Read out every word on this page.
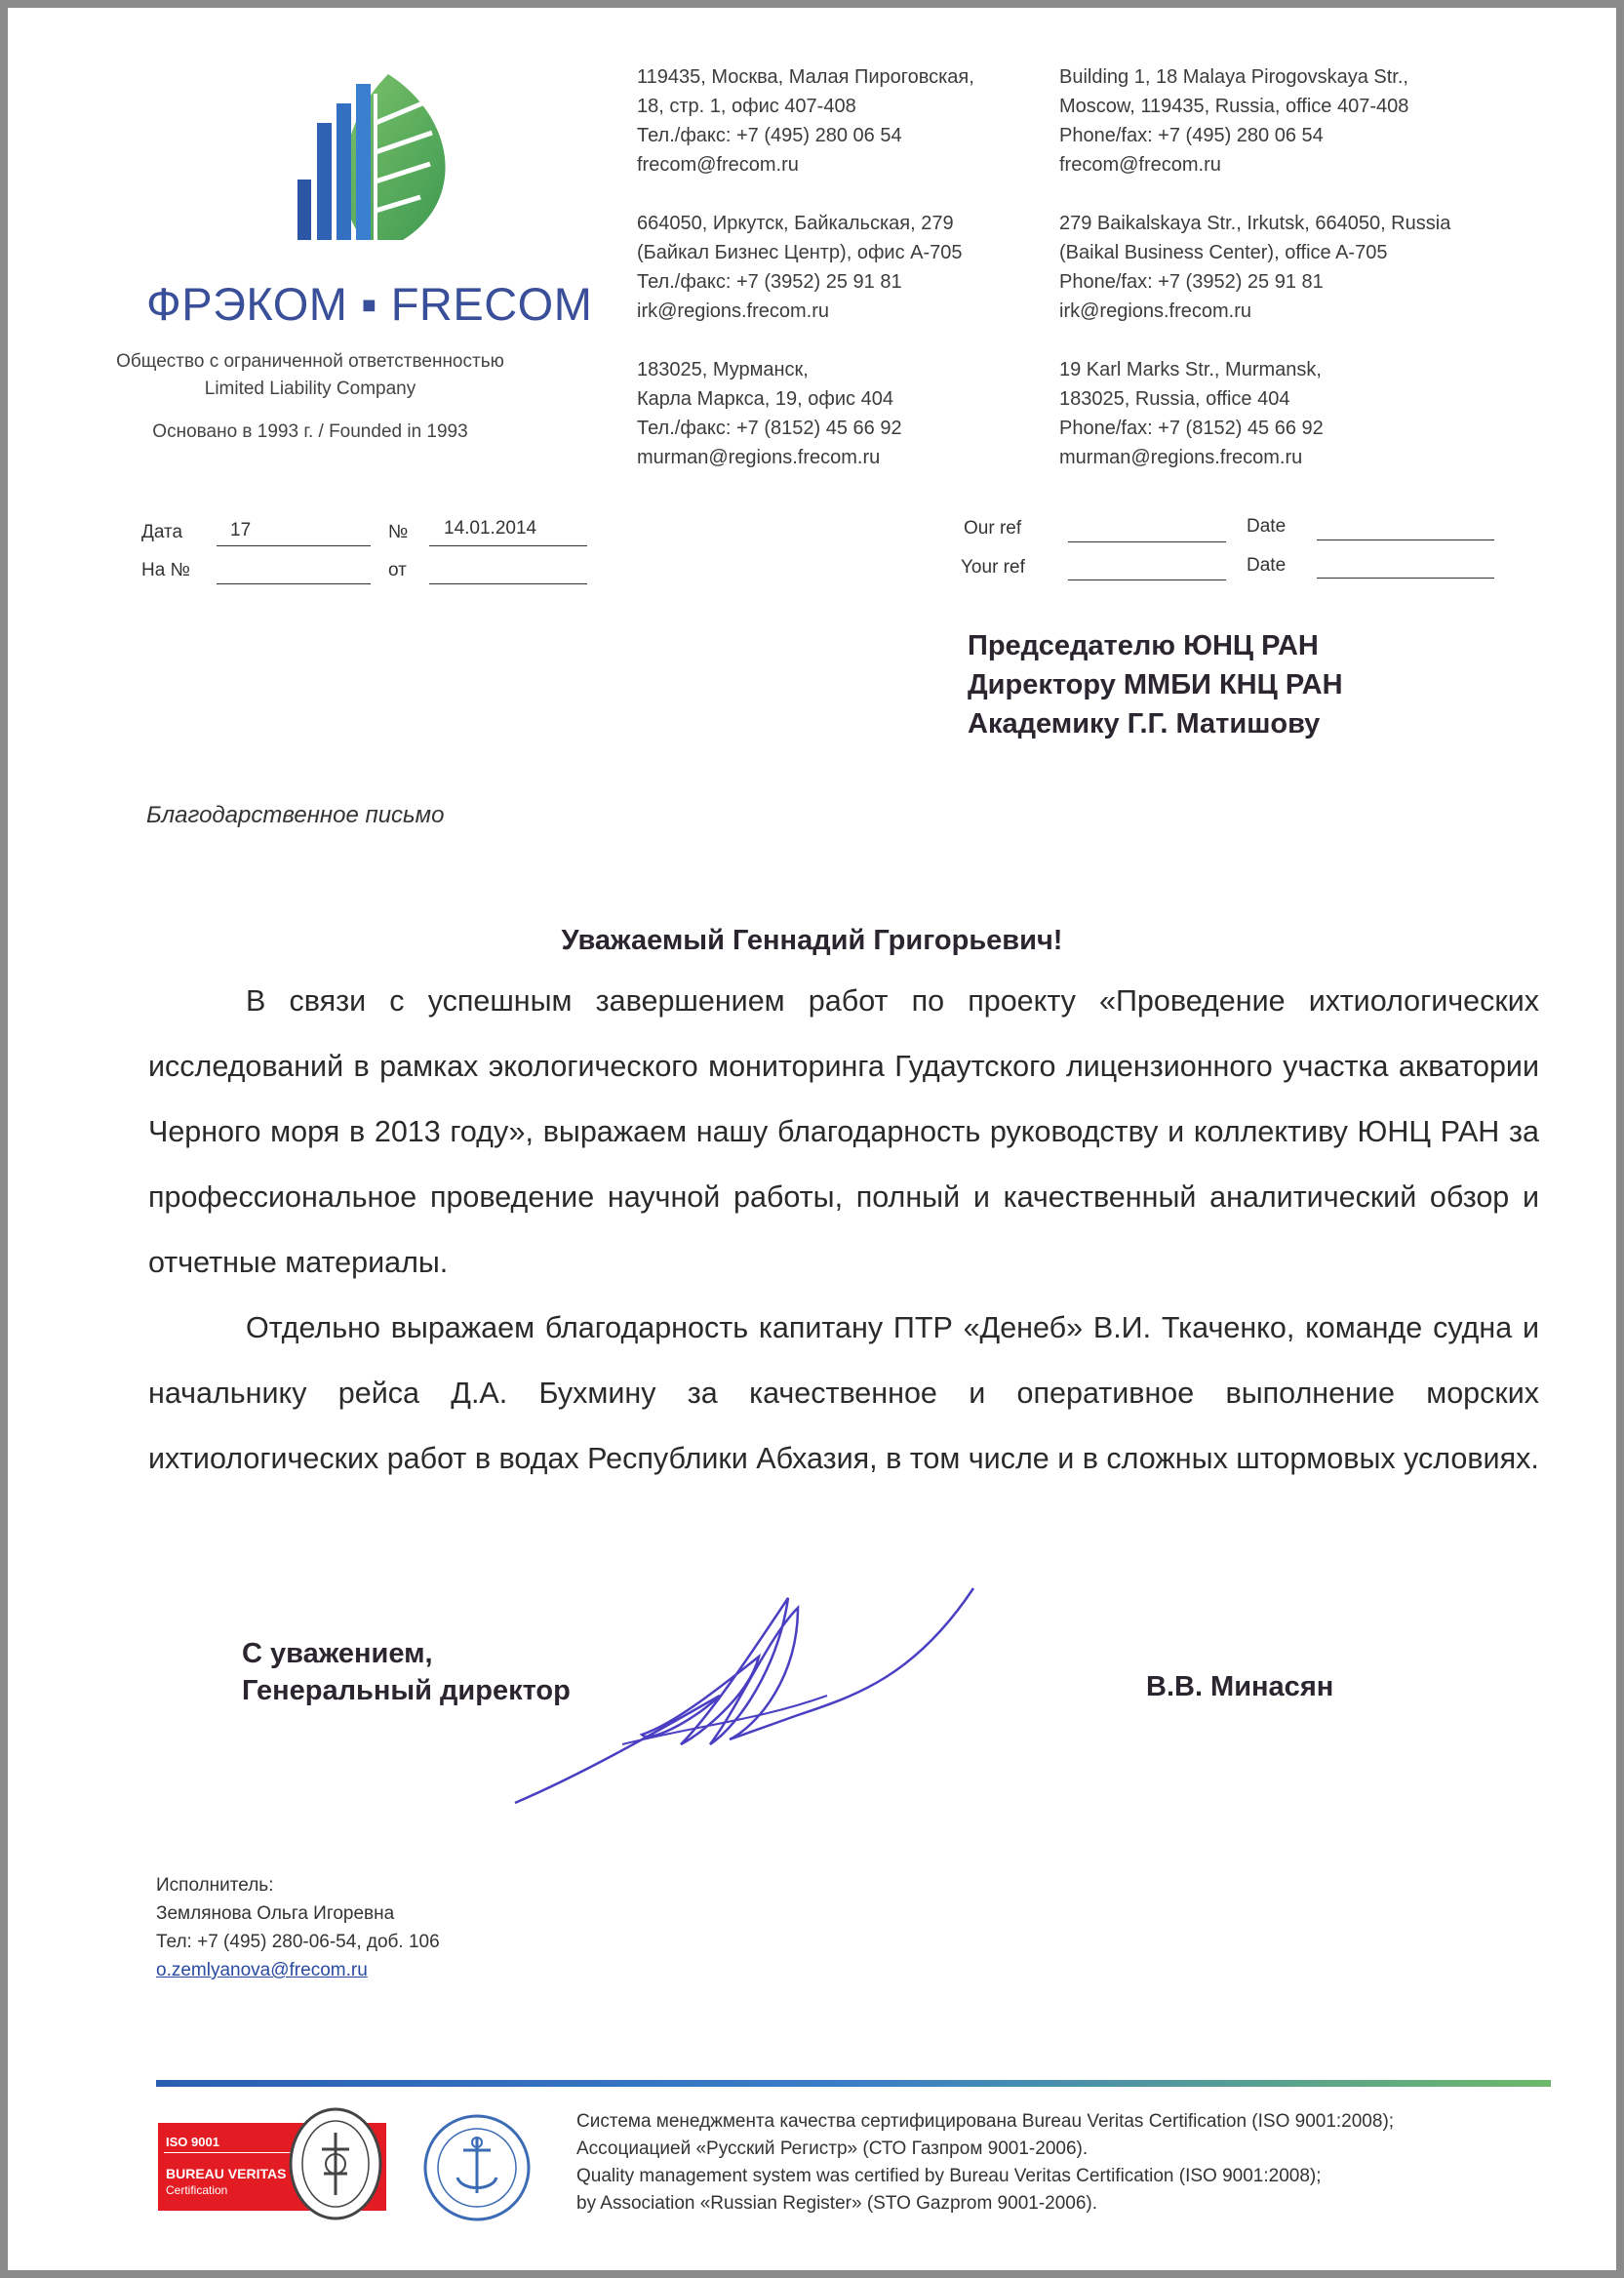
ФРЭКОМ ▪ FRECOM
Общество с ограниченной ответственностью
Limited Liability Company
Основано в 1993 г. / Founded in 1993
119435, Москва, Малая Пироговская,
18, стр. 1, офис 407-408
Тел./факс: +7 (495) 280 06 54
frecom@frecom.ru
664050, Иркутск, Байкальская, 279
(Байкал Бизнес Центр), офис А-705
Тел./факс: +7 (3952) 25 91 81
irk@regions.frecom.ru
183025, Мурманск,
Карла Маркса, 19, офис 404
Тел./факс: +7 (8152) 45 66 92
murman@regions.frecom.ru
Building 1, 18 Malaya Pirogovskaya Str.,
Moscow, 119435, Russia, office 407-408
Phone/fax: +7 (495) 280 06 54
frecom@frecom.ru
279 Baikalskaya Str., Irkutsk, 664050, Russia
(Baikal Business Center), office A-705
Phone/fax: +7 (3952) 25 91 81
irk@regions.frecom.ru
19 Karl Marks Str., Murmansk,
183025, Russia, office 404
Phone/fax: +7 (8152) 45 66 92
murman@regions.frecom.ru
Дата	17	№ 14.01.2014
На №	от
Our ref	Date
Your ref	Date
Председателю ЮНЦ РАН
Директору ММБИ КНЦ РАН
Академику Г.Г. Матишову
Благодарственное письмо
Уважаемый Геннадий Григорьевич!

В связи с успешным завершением работ по проекту «Проведение ихтиологических исследований в рамках экологического мониторинга Гудаутского лицензионного участка акватории Черного моря в 2013 году», выражаем нашу благодарность руководству и коллективу ЮНЦ РАН за профессиональное проведение научной работы, полный и качественный аналитический обзор и отчетные материалы.

Отдельно выражаем благодарность капитану ПТР «Денеб» В.И. Ткаченко, команде судна и начальнику рейса Д.А. Бухмину за качественное и оперативное выполнение морских ихтиологических работ в водах Республики Абхазия, в том числе и в сложных штормовых условиях.

С уважением,
Генеральный директор	В.В. Минасян
Исполнитель:
Землянова Ольга Игоревна
Тел: +7 (495) 280-06-54, доб. 106
o.zemlyanova@frecom.ru
ISO 9001
BUREAU VERITAS
Certification
Система менеджмента качества сертифицирована Bureau Veritas Certification (ISO 9001:2008);
Ассоциацией «Русский Регистр» (СТО Газпром 9001-2006).
Quality management system was certified by Bureau Veritas Certification (ISO 9001:2008);
by Association «Russian Register» (STO Gazprom 9001-2006).
